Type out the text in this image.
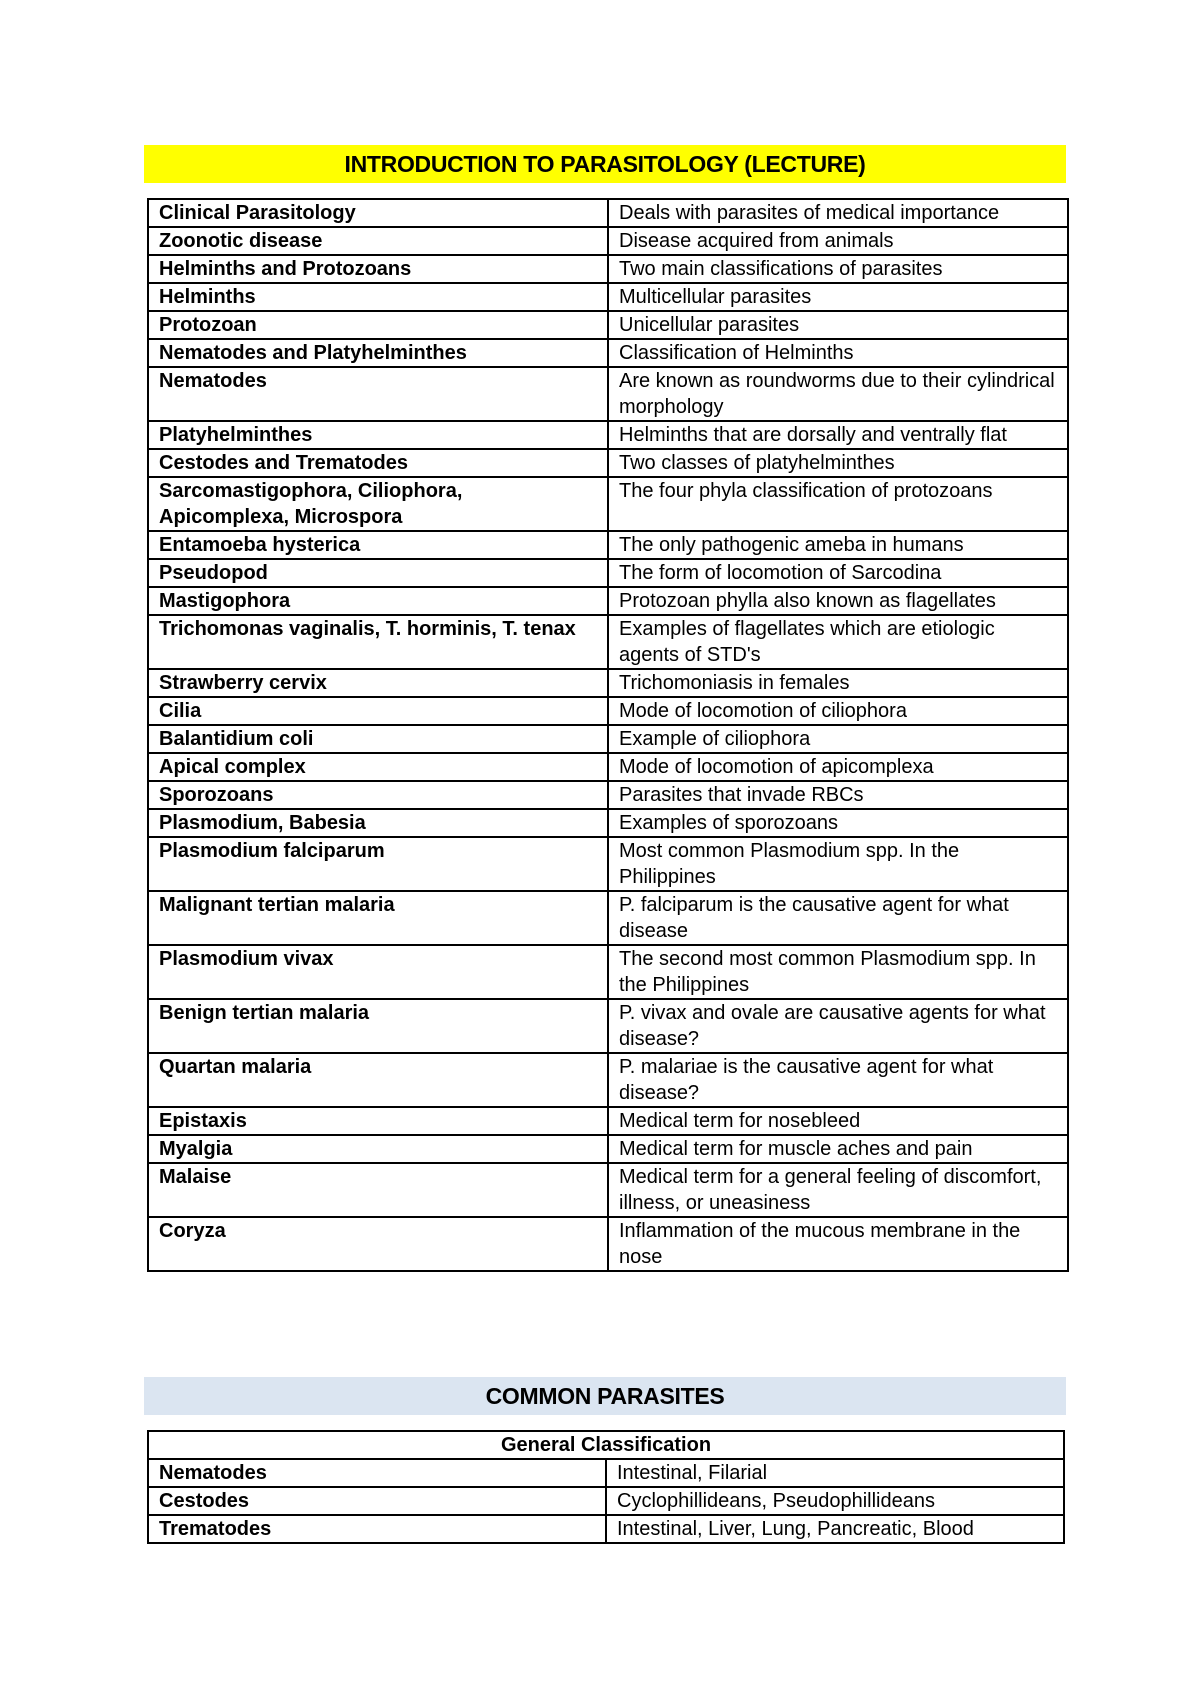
INTRODUCTION TO PARASITOLOGY (LECTURE)
Clinical Parasitology	Deals with parasites of medical importance
Zoonotic disease	Disease acquired from animals
Helminths and Protozoans	Two main classifications of parasites
Helminths	Multicellular parasites
Protozoan	Unicellular parasites
Nematodes and Platyhelminthes	Classification of Helminths
Nematodes	Are known as roundworms due to their cylindrical morphology
Platyhelminthes	Helminths that are dorsally and ventrally flat
Cestodes and Trematodes	Two classes of platyhelminthes
Sarcomastigophora, Ciliophora, Apicomplexa, Microspora	The four phyla classification of protozoans
Entamoeba hysterica	The only pathogenic ameba in humans
Pseudopod	The form of locomotion of Sarcodina
Mastigophora	Protozoan phylla also known as flagellates
Trichomonas vaginalis, T. horminis, T. tenax	Examples of flagellates which are etiologic agents of STD's
Strawberry cervix	Trichomoniasis in females
Cilia	Mode of locomotion of ciliophora
Balantidium coli	Example of ciliophora
Apical complex	Mode of locomotion of apicomplexa
Sporozoans	Parasites that invade RBCs
Plasmodium, Babesia	Examples of sporozoans
Plasmodium falciparum	Most common Plasmodium spp. In the Philippines
Malignant tertian malaria	P. falciparum is the causative agent for what disease
Plasmodium vivax	The second most common Plasmodium spp. In the Philippines
Benign tertian malaria	P. vivax and ovale are causative agents for what disease?
Quartan malaria	P. malariae is the causative agent for what disease?
Epistaxis	Medical term for nosebleed
Myalgia	Medical term for muscle aches and pain
Malaise	Medical term for a general feeling of discomfort, illness, or uneasiness
Coryza	Inflammation of the mucous membrane in the nose
COMMON PARASITES
General Classification	
Nematodes	Intestinal, Filarial
Cestodes	Cyclophillideans, Pseudophillideans
Trematodes	Intestinal, Liver, Lung, Pancreatic, Blood
